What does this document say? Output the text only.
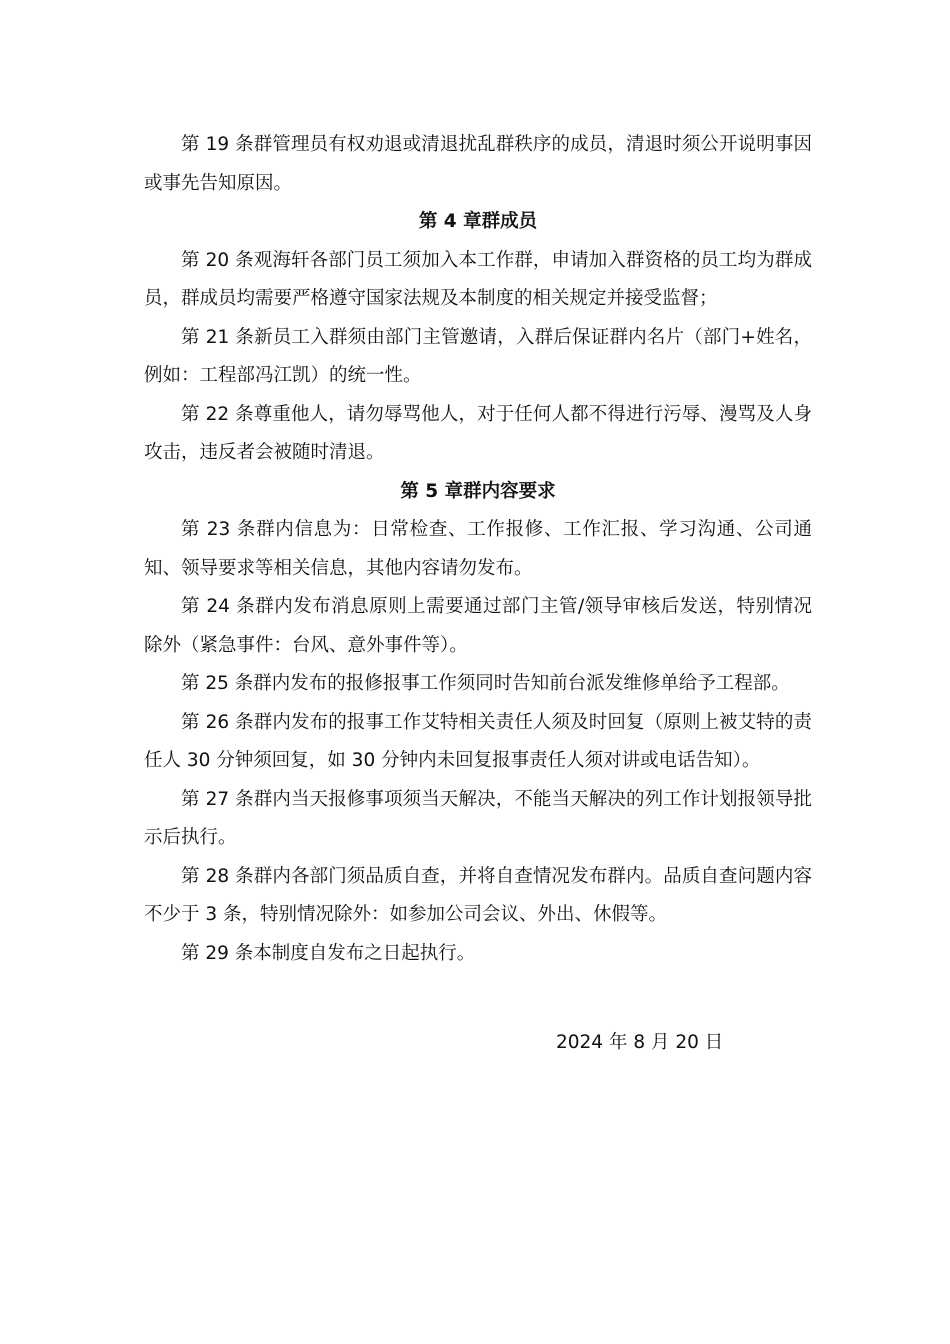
第 19 条群管理员有权劝退或清退扰乱群秩序的成员，清退时须公开说明事因或事先告知原因。

第 4 章群成员

第 20 条观海轩各部门员工须加入本工作群，申请加入群资格的员工均为群成员，群成员均需要严格遵守国家法规及本制度的相关规定并接受监督；

第 21 条新员工入群须由部门主管邀请，入群后保证群内名片（部门+姓名，例如：工程部冯江凯）的统一性。

第 22 条尊重他人，请勿辱骂他人，对于任何人都不得进行污辱、漫骂及人身攻击，违反者会被随时清退。

第 5 章群内容要求

第 23 条群内信息为：日常检查、工作报修、工作汇报、学习沟通、公司通知、领导要求等相关信息，其他内容请勿发布。

第 24 条群内发布消息原则上需要通过部门主管/领导审核后发送，特别情况除外（紧急事件：台风、意外事件等）。

第 25 条群内发布的报修报事工作须同时告知前台派发维修单给予工程部。

第 26 条群内发布的报事工作艾特相关责任人须及时回复（原则上被艾特的责任人 30 分钟须回复，如 30 分钟内未回复报事责任人须对讲或电话告知）。

第 27 条群内当天报修事项须当天解决，不能当天解决的列工作计划报领导批示后执行。

第 28 条群内各部门须品质自查，并将自查情况发布群内。品质自查问题内容不少于 3 条，特别情况除外：如参加公司会议、外出、休假等。

第 29 条本制度自发布之日起执行。

2024 年 8 月 20 日
